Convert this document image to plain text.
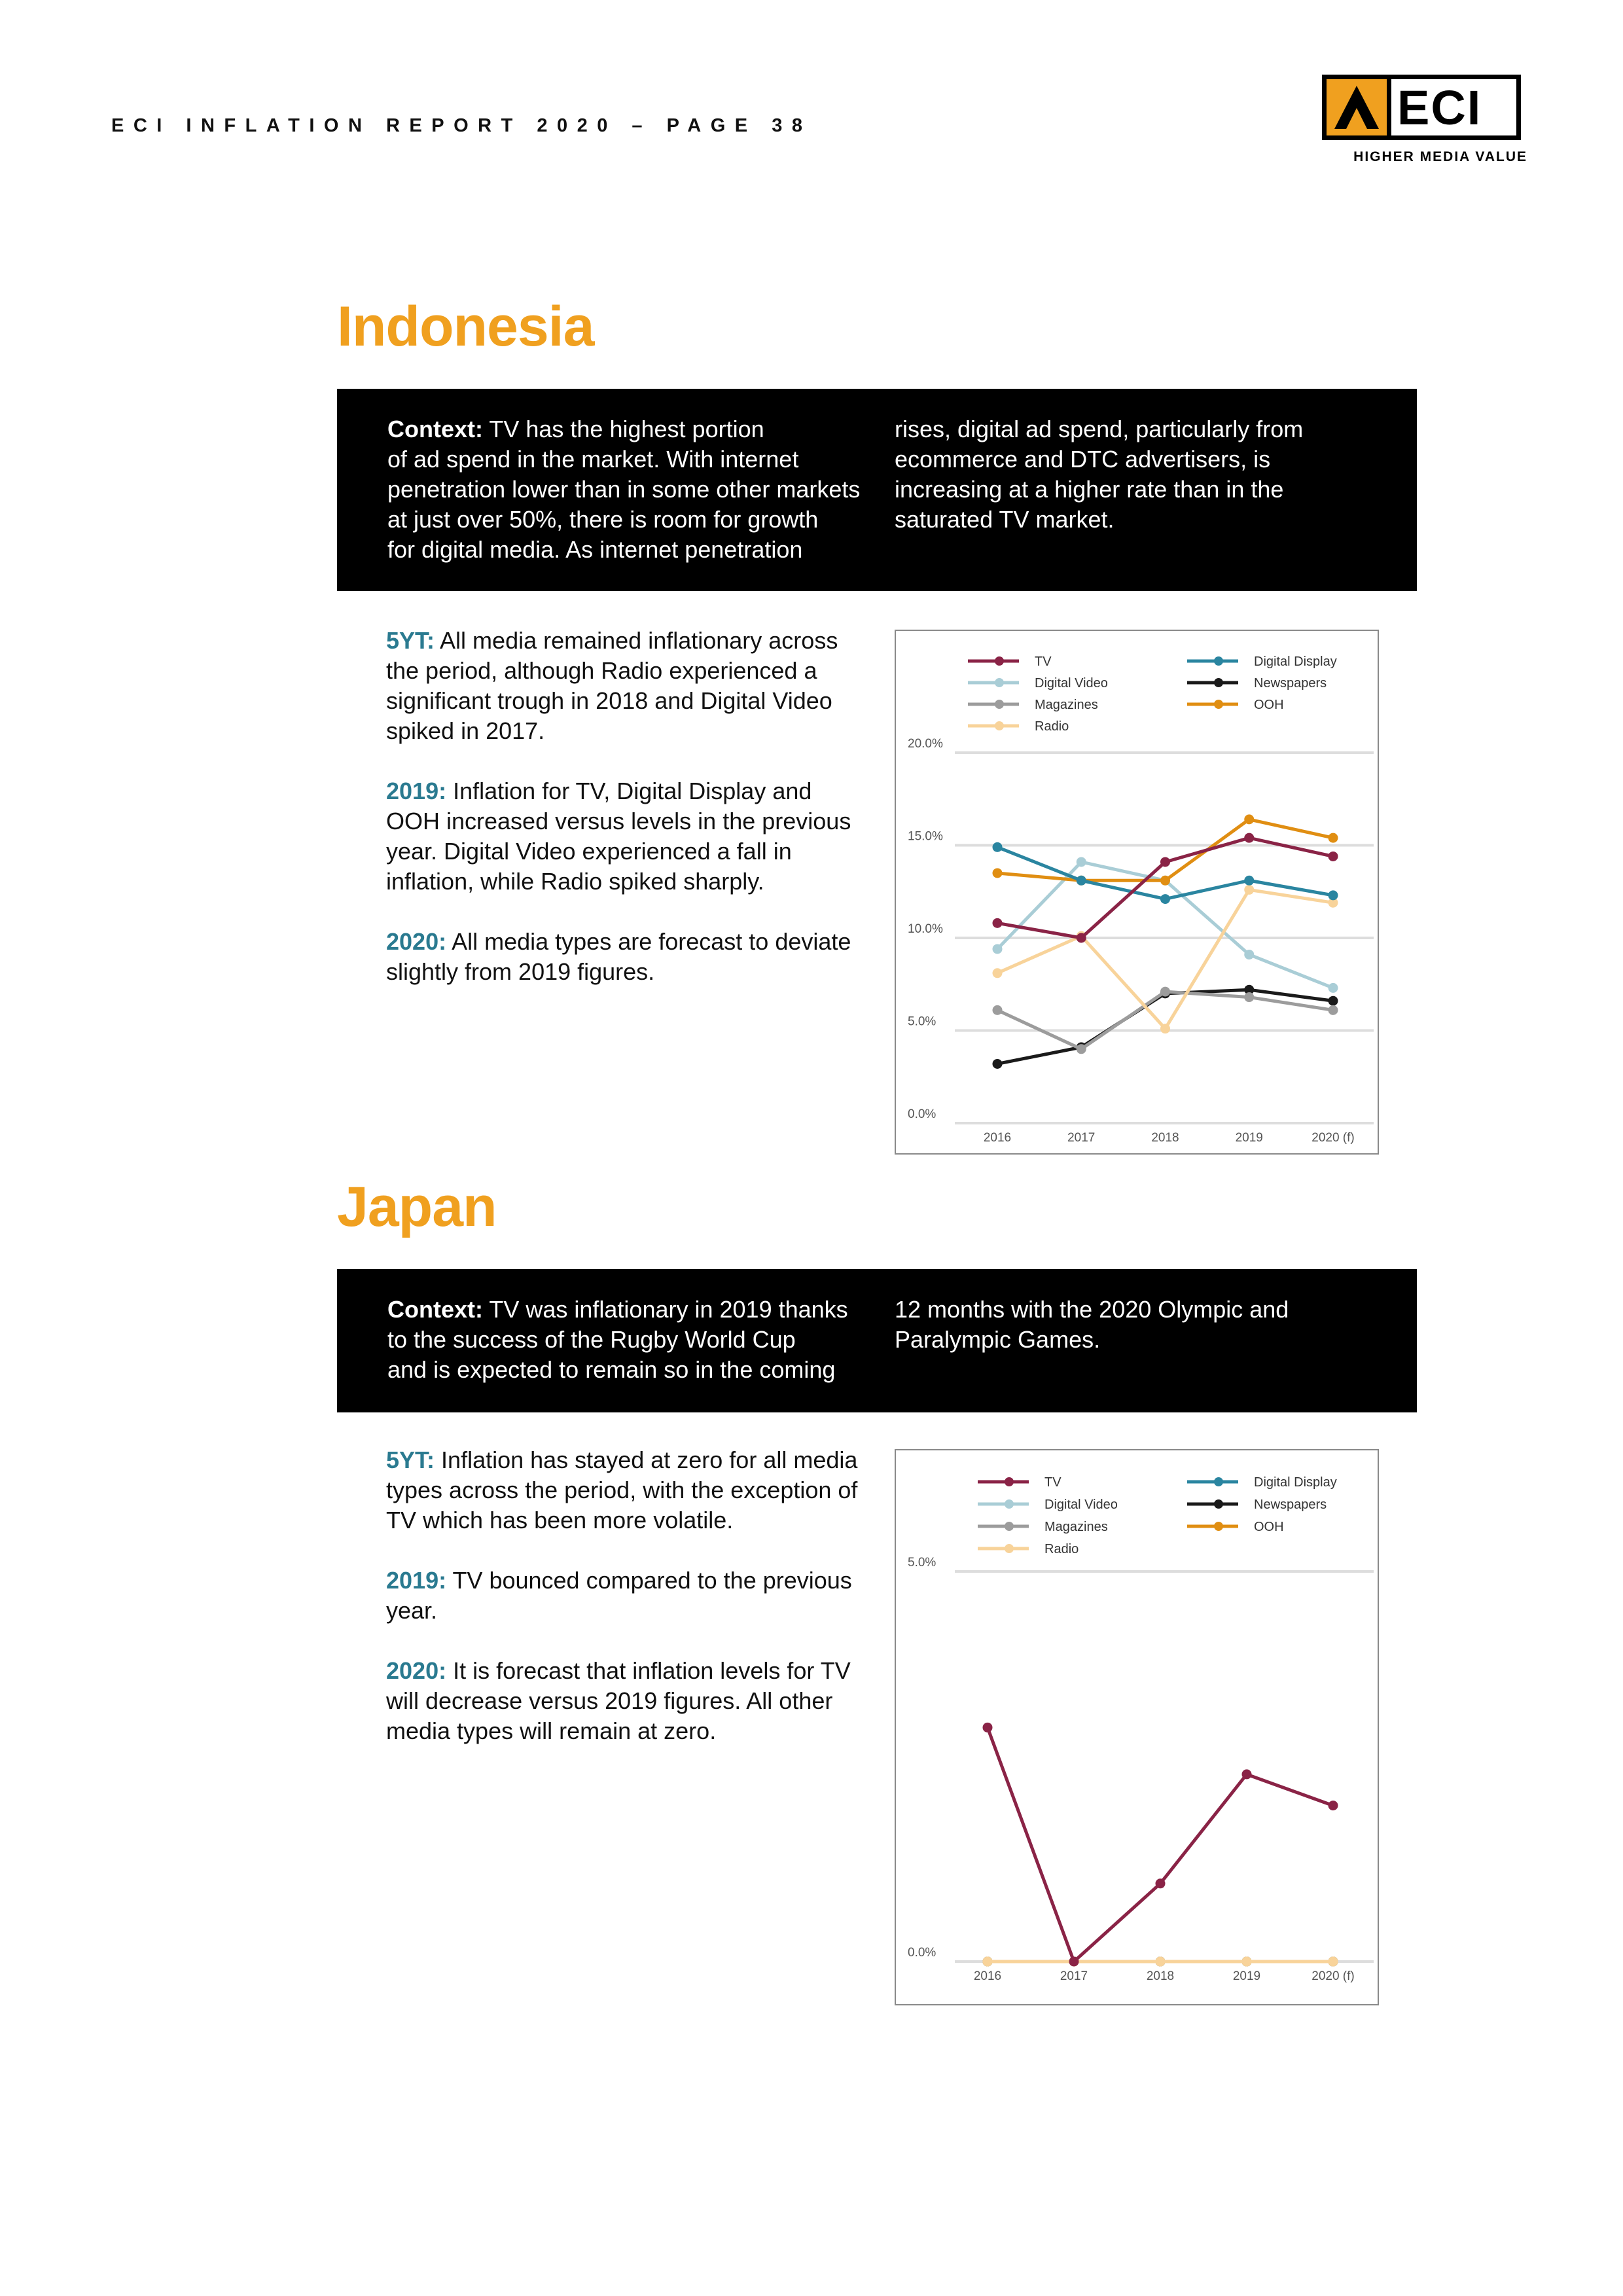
ECI INFLATION REPORT 2020 – PAGE 38	ECI
HIGHER MEDIA VALUE
Indonesia
Context: TV has the highest portion
of ad spend in the market. With internet
penetration lower than in some other markets
at just over 50%, there is room for growth
for digital media. As internet penetration
rises, digital ad spend, particularly from
ecommerce and DTC advertisers, is
increasing at a higher rate than in the
saturated TV market.

5YT: All media remained inflationary across
the period, although Radio experienced a
significant trough in 2018 and Digital Video
spiked in 2017.

2019: Inflation for TV, Digital Display and
OOH increased versus levels in the previous
year. Digital Video experienced a fall in
inflation, while Radio spiked sharply.

2020: All media types are forecast to deviate
slightly from 2019 figures.

0.0%
5.0%
10.0%
15.0%
20.0%
2016	2017	2018	2019	2020 (f)
TV
Digital Video
Magazines
Radio
Digital Display
Newspapers
OOH
Japan
Context: TV was inflationary in 2019 thanks
to the success of the Rugby World Cup
and is expected to remain so in the coming
12 months with the 2020 Olympic and
Paralympic Games.

5YT: Inflation has stayed at zero for all media
types across the period, with the exception of
TV which has been more volatile.

2019: TV bounced compared to the previous
year.

2020: It is forecast that inflation levels for TV
will decrease versus 2019 figures. All other
media types will remain at zero.

0.0%
5.0%
2016	2017	2018	2019	2020 (f)
TV
Digital Video
Magazines
Radio
Digital Display
Newspapers
OOH
